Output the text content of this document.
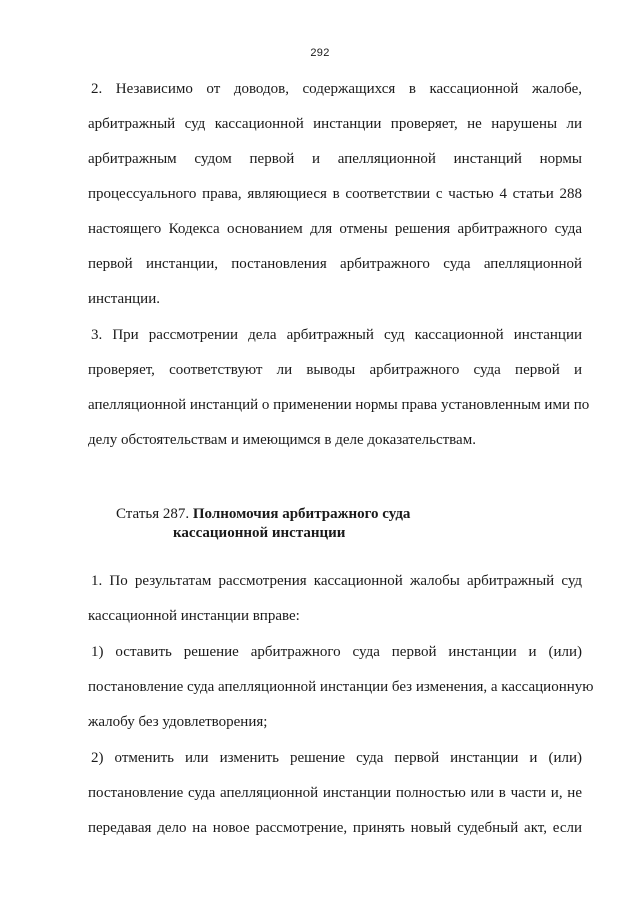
292
2. Независимо от доводов, содержащихся в кассационной жалобе,
арбитражный суд кассационной инстанции проверяет, не нарушены ли
арбитражным судом первой и апелляционной инстанций нормы
процессуального права, являющиеся в соответствии с частью 4 статьи 288
настоящего Кодекса основанием для отмены решения арбитражного суда
первой инстанции, постановления арбитражного суда апелляционной
инстанции.
3. При рассмотрении дела арбитражный суд кассационной инстанции
проверяет, соответствуют ли выводы арбитражного суда первой и
апелляционной инстанций о применении нормы права установленным ими по
делу обстоятельствам и имеющимся в деле доказательствам.
Статья 287. Полномочия арбитражного суда
кассационной инстанции
1. По результатам рассмотрения кассационной жалобы арбитражный суд
кассационной инстанции вправе:
1) оставить решение арбитражного суда первой инстанции и (или)
постановление суда апелляционной инстанции без изменения, а кассационную
жалобу без удовлетворения;
2) отменить или изменить решение суда первой инстанции и (или)
постановление суда апелляционной инстанции полностью или в части и, не
передавая дело на новое рассмотрение, принять новый судебный акт, если
